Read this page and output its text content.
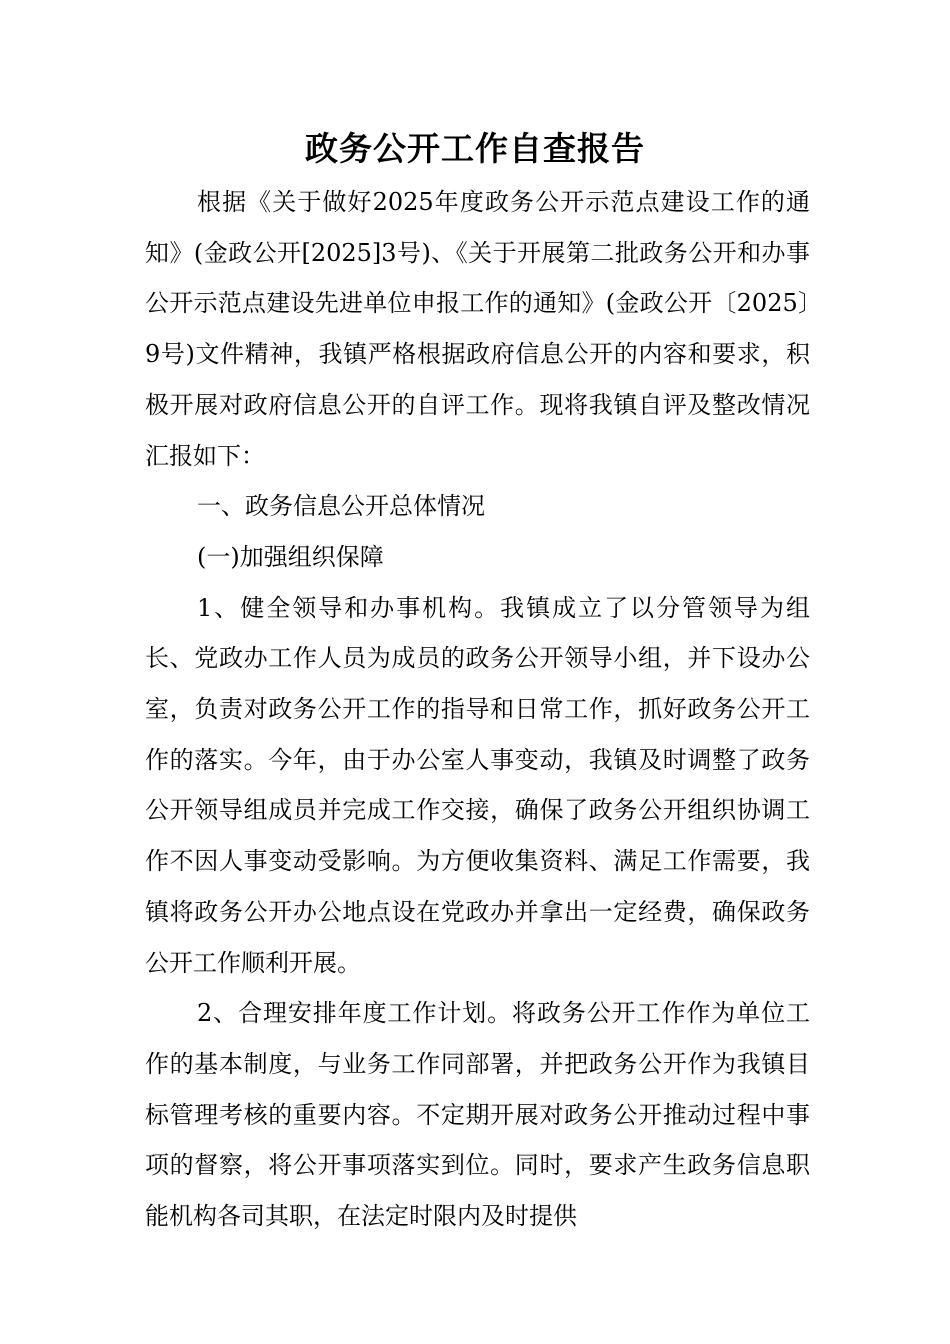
政务公开工作自查报告

根据《关于做好2025年度政务公开示范点建设工作的通知》(金政公开[2025]3号)、《关于开展第二批政务公开和办事公开示范点建设先进单位申报工作的通知》(金政公开〔2025〕9号)文件精神，我镇严格根据政府信息公开的内容和要求，积极开展对政府信息公开的自评工作。现将我镇自评及整改情况汇报如下：

一、政务信息公开总体情况

(一)加强组织保障

1、健全领导和办事机构。我镇成立了以分管领导为组长、党政办工作人员为成员的政务公开领导小组，并下设办公室，负责对政务公开工作的指导和日常工作，抓好政务公开工作的落实。今年，由于办公室人事变动，我镇及时调整了政务公开领导组成员并完成工作交接，确保了政务公开组织协调工作不因人事变动受影响。为方便收集资料、满足工作需要，我镇将政务公开办公地点设在党政办并拿出一定经费，确保政务公开工作顺利开展。

2、合理安排年度工作计划。将政务公开工作作为单位工作的基本制度，与业务工作同部署，并把政务公开作为我镇目标管理考核的重要内容。不定期开展对政务公开推动过程中事项的督察，将公开事项落实到位。同时，要求产生政务信息职能机构各司其职，在法定时限内及时提供
